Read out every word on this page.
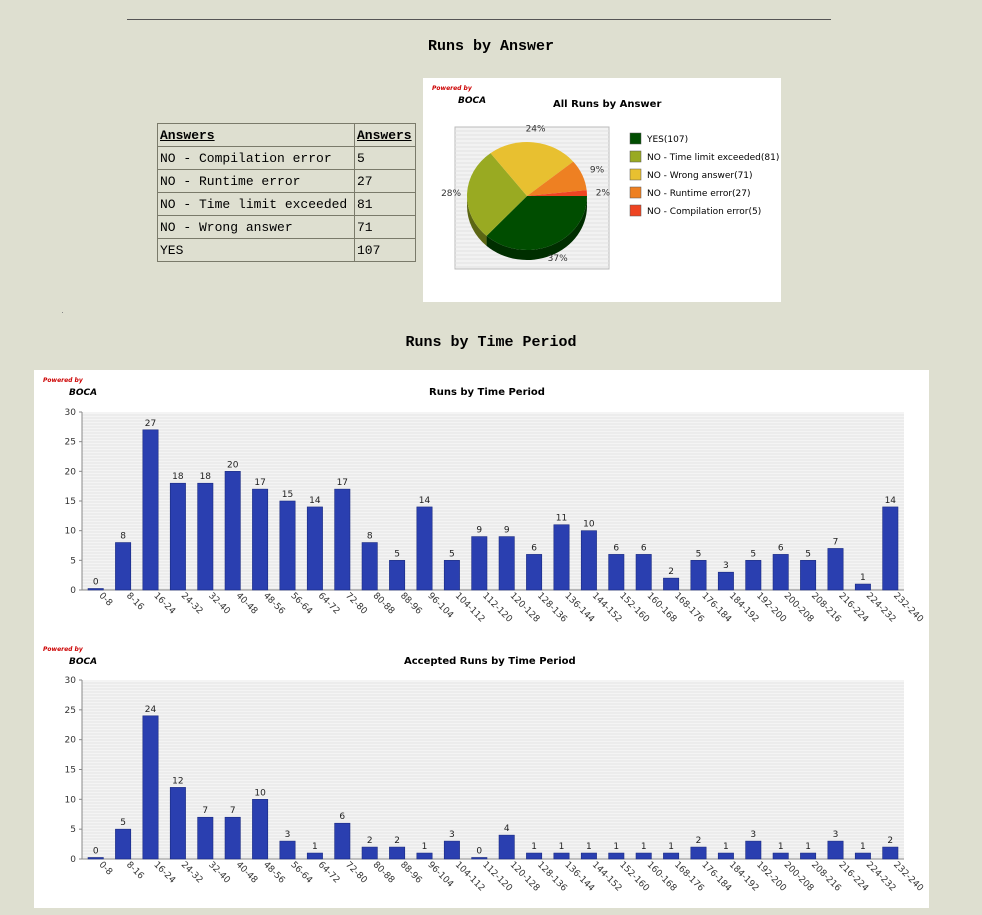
Runs by Answer
Answers	Answers
NO - Compilation error	5
NO - Runtime error	27
NO - Time limit exceeded	81
NO - Wrong answer	71
YES	107
Powered by
BOCA	All Runs by Answer
37%
28%
24%
9%
2%
YES(107)
NO - Time limit exceeded(81)
NO - Wrong answer(71)
NO - Runtime error(27)
NO - Compilation error(5)
Runs by Time Period
Powered by
BOCA	Runs by Time Period
0
5
10
15
20
25
30
0
0-8
8
8-16
27
16-24
18
24-32
18
32-40
20
40-48
17
48-56
15
56-64
14
64-72
17
72-80
8
80-88
5
88-96
14
96-104
5
104-112
9
112-120
9
120-128
6
128-136
11
136-144
10
144-152
6
152-160
6
160-168
2
168-176
5
176-184
3
184-192
5
192-200
6
200-208
5
208-216
7
216-224
1
224-232
14
232-240
Powered by
BOCA	Accepted Runs by Time Period
0
5
10
15
20
25
30
0
0-8
5
8-16
24
16-24
12
24-32
7
32-40
7
40-48
10
48-56
3
56-64
1
64-72
6
72-80
2
80-88
2
88-96
1
96-104
3
104-112
0
112-120
4
120-128
1
128-136
1
136-144
1
144-152
1
152-160
1
160-168
1
168-176
2
176-184
1
184-192
3
192-200
1
200-208
1
208-216
3
216-224
1
224-232
2
232-240
